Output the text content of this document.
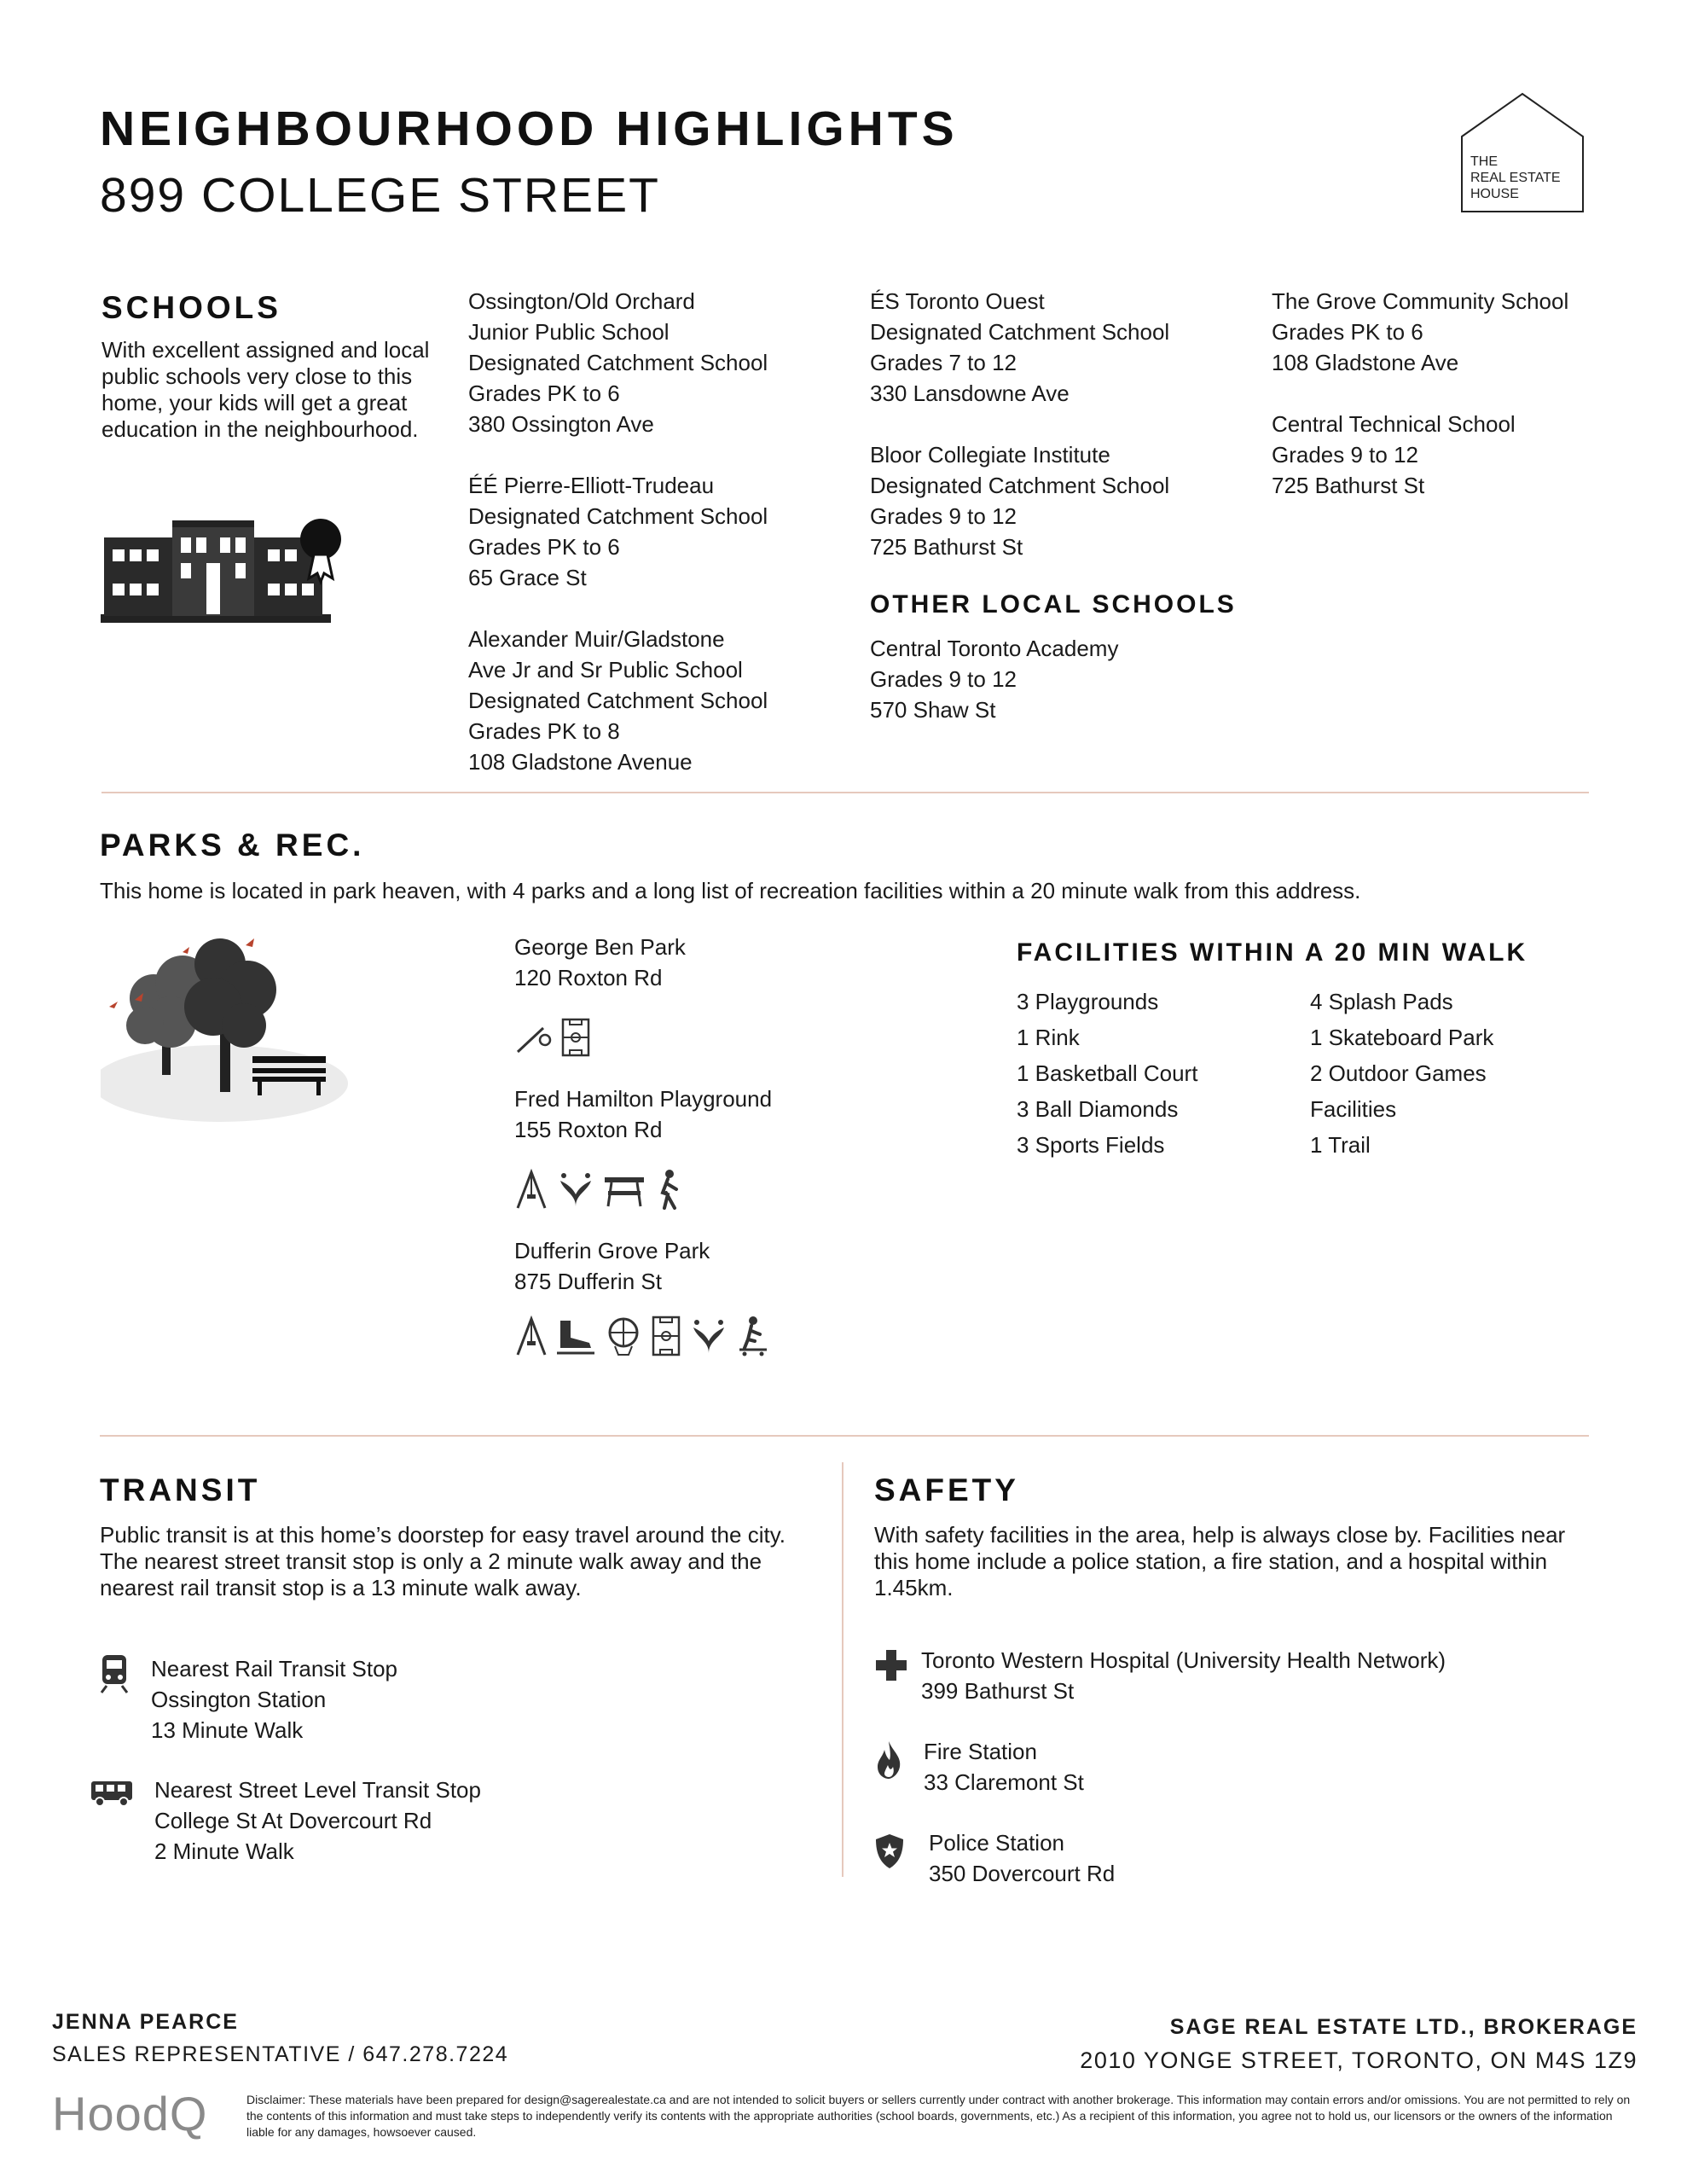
NEIGHBOURHOOD HIGHLIGHTS
899 COLLEGE STREET
THE
REAL ESTATE
HOUSE
SCHOOLS
With excellent assigned and local public schools very close to this home, your kids will get a great education in the neighbourhood.
Ossington/Old Orchard
Junior Public School
Designated Catchment School
Grades PK to 6
380 Ossington Ave
ÉÉ Pierre-Elliott-Trudeau
Designated Catchment School
Grades PK to 6
65 Grace St
Alexander Muir/Gladstone
Ave Jr and Sr Public School
Designated Catchment School
Grades PK to 8
108 Gladstone Avenue
ÉS Toronto Ouest
Designated Catchment School
Grades 7 to 12
330 Lansdowne Ave
Bloor Collegiate Institute
Designated Catchment School
Grades 9 to 12
725 Bathurst St
OTHER LOCAL SCHOOLS
Central Toronto Academy
Grades 9 to 12
570 Shaw St
The Grove Community School
Grades PK to 6
108 Gladstone Ave
Central Technical School
Grades 9 to 12
725 Bathurst St
PARKS & REC.
This home is located in park heaven, with 4 parks and a long list of recreation facilities within a 20 minute walk from this address.
George Ben Park
120 Roxton Rd
Fred Hamilton Playground
155 Roxton Rd
Dufferin Grove Park
875 Dufferin St
FACILITIES WITHIN A 20 MIN WALK
3 Playgrounds
1 Rink
1 Basketball Court
3 Ball Diamonds
3 Sports Fields
4 Splash Pads
1 Skateboard Park
2 Outdoor Games
Facilities
1 Trail
TRANSIT
Public transit is at this home’s doorstep for easy travel around the city. The nearest street transit stop is only a 2 minute walk away and the nearest rail transit stop is a 13 minute walk away.
Nearest Rail Transit Stop
Ossington Station
13 Minute Walk
Nearest Street Level Transit Stop
College St At Dovercourt Rd
2 Minute Walk
SAFETY
With safety facilities in the area, help is always close by. Facilities near this home include a police station, a fire station, and a hospital within 1.45km.
Toronto Western Hospital (University Health Network)
399 Bathurst St
Fire Station
33 Claremont St
Police Station
350 Dovercourt Rd
JENNA PEARCE
SALES REPRESENTATIVE / 647.278.7224
SAGE REAL ESTATE LTD., BROKERAGE
2010 YONGE STREET, TORONTO, ON M4S 1Z9
HoodQ	Disclaimer: These materials have been prepared for design@sagerealestate.ca and are not intended to solicit buyers or sellers currently under contract with another brokerage. This information may contain errors and/or omissions. You are not permitted to rely on the contents of this information and must take steps to independently verify its contents with the appropriate authorities (school boards, governments, etc.) As a recipient of this information, you agree not to hold us, our licensors or the owners of the information liable for any damages, howsoever caused.
